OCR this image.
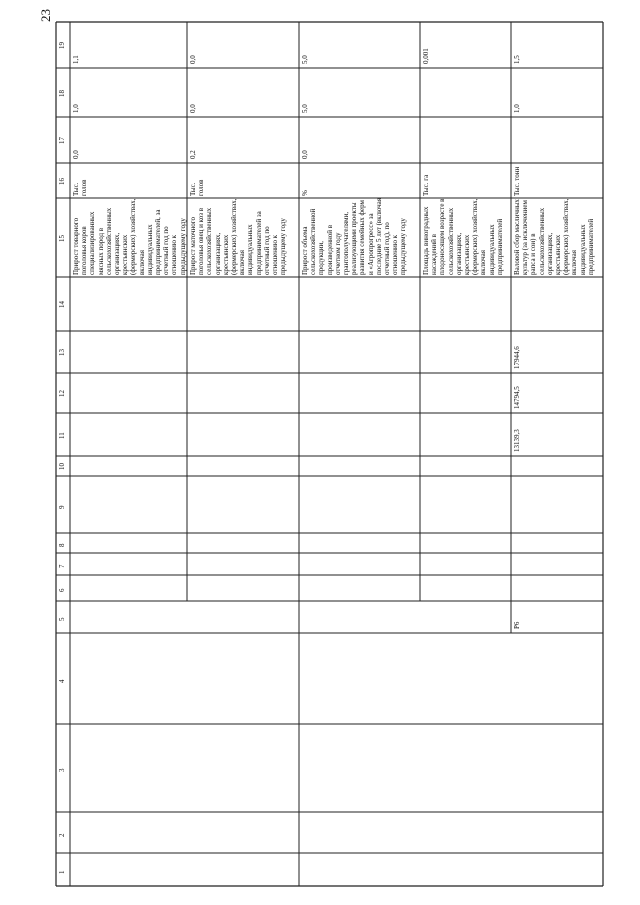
23
1
2
3
4
5
6
7
8
9
10
11
12
13
14
15
16
17
18
19
1,1
1,0
0,0
Тыс. голов
Прирост товарного поголовья коров специализированных мясных пород в сельскохозяйственных организациях, крестьянских (фермерских) хозяйствах, включая индивидуальных предпринимателей, за отчетный год по отношению к предыдущему году
0,0
0,0
0,2
Тыс. голов
Прирост маточного поголовья овец и коз в сельскохозяйственных организациях, крестьянских (фермерских) хозяйствах, включая индивидуальных предпринимателей за отчетный год по отношению к предыдущему году
5,0
5,0
0,0
%
Прирост объема сельскохозяйственной продукции, произведенной в отчетном году грантополучателями, реализующими проекты развития семейных ферм и «Агропрогресс» за последние 5 лет (включая отчетный год), по отношению к предыдущему году
0,001
Тыс. га
Площадь виноградных насаждений в плодоносящем возрасте в сельскохозяйственных организациях, крестьянских (фермерских) хозяйствах, включая индивидуальных предпринимателей
1,5
1,0
Тыс. тонн
Валовой сбор масличных культур (за исключением рапса и сои) в сельскохозяйственных организациях, крестьянских (фермерских) хозяйствах, включая индивидуальных предпринимателей
17944,6
14794,5
13139,3
Р6
